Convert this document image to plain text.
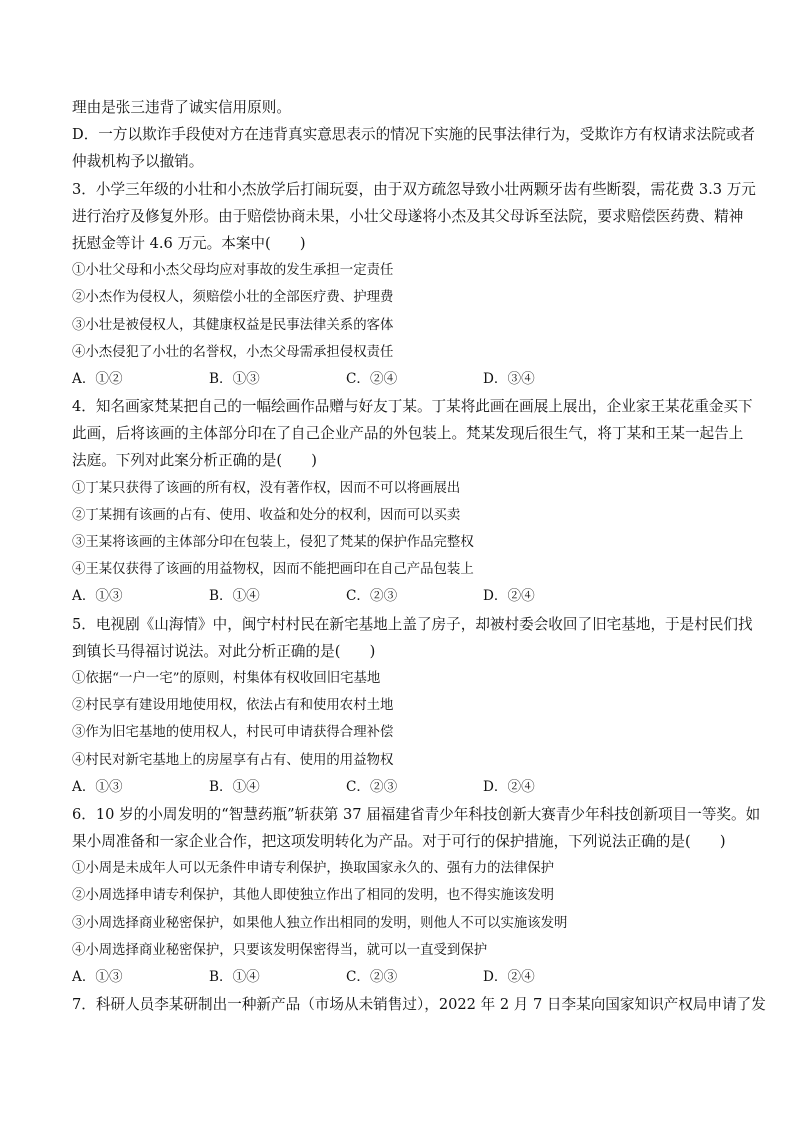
理由是张三违背了诚实信用原则。
D．一方以欺诈手段使对方在违背真实意思表示的情况下实施的民事法律行为，受欺诈方有权请求法院或者
仲裁机构予以撤销。
3．小学三年级的小壮和小杰放学后打闹玩耍，由于双方疏忽导致小壮两颗牙齿有些断裂，需花费 3.3 万元
进行治疗及修复外形。由于赔偿协商未果，小壮父母遂将小杰及其父母诉至法院，要求赔偿医药费、精神
抚慰金等计 4.6 万元。本案中(　　)
①小壮父母和小杰父母均应对事故的发生承担一定责任
②小杰作为侵权人，须赔偿小壮的全部医疗费、护理费
③小壮是被侵权人，其健康权益是民事法律关系的客体
④小杰侵犯了小壮的名誉权，小杰父母需承担侵权责任
A．①②	B．①③	C．②④	D．③④
4．知名画家梵某把自己的一幅绘画作品赠与好友丁某。丁某将此画在画展上展出，企业家王某花重金买下
此画，后将该画的主体部分印在了自己企业产品的外包装上。梵某发现后很生气，将丁某和王某一起告上
法庭。下列对此案分析正确的是(　　)
①丁某只获得了该画的所有权，没有著作权，因而不可以将画展出
②丁某拥有该画的占有、使用、收益和处分的权利，因而可以买卖
③王某将该画的主体部分印在包装上，侵犯了梵某的保护作品完整权
④王某仅获得了该画的用益物权，因而不能把画印在自己产品包装上
A．①③	B．①④	C．②③	D．②④
5．电视剧《山海情》中，闽宁村村民在新宅基地上盖了房子，却被村委会收回了旧宅基地，于是村民们找
到镇长马得福讨说法。对此分析正确的是(　　)
①依据“一户一宅”的原则，村集体有权收回旧宅基地
②村民享有建设用地使用权，依法占有和使用农村土地
③作为旧宅基地的使用权人，村民可申请获得合理补偿
④村民对新宅基地上的房屋享有占有、使用的用益物权
A．①③	B．①④	C．②③	D．②④
6．10 岁的小周发明的“智慧药瓶”斩获第 37 届福建省青少年科技创新大赛青少年科技创新项目一等奖。如
果小周准备和一家企业合作，把这项发明转化为产品。对于可行的保护措施，下列说法正确的是(　　)
①小周是未成年人可以无条件申请专利保护，换取国家永久的、强有力的法律保护
②小周选择申请专利保护，其他人即使独立作出了相同的发明，也不得实施该发明
③小周选择商业秘密保护，如果他人独立作出相同的发明，则他人不可以实施该发明
④小周选择商业秘密保护，只要该发明保密得当，就可以一直受到保护
A．①③	B．①④	C．②③	D．②④
7．科研人员李某研制出一种新产品（市场从未销售过），2022 年 2 月 7 日李某向国家知识产权局申请了发
